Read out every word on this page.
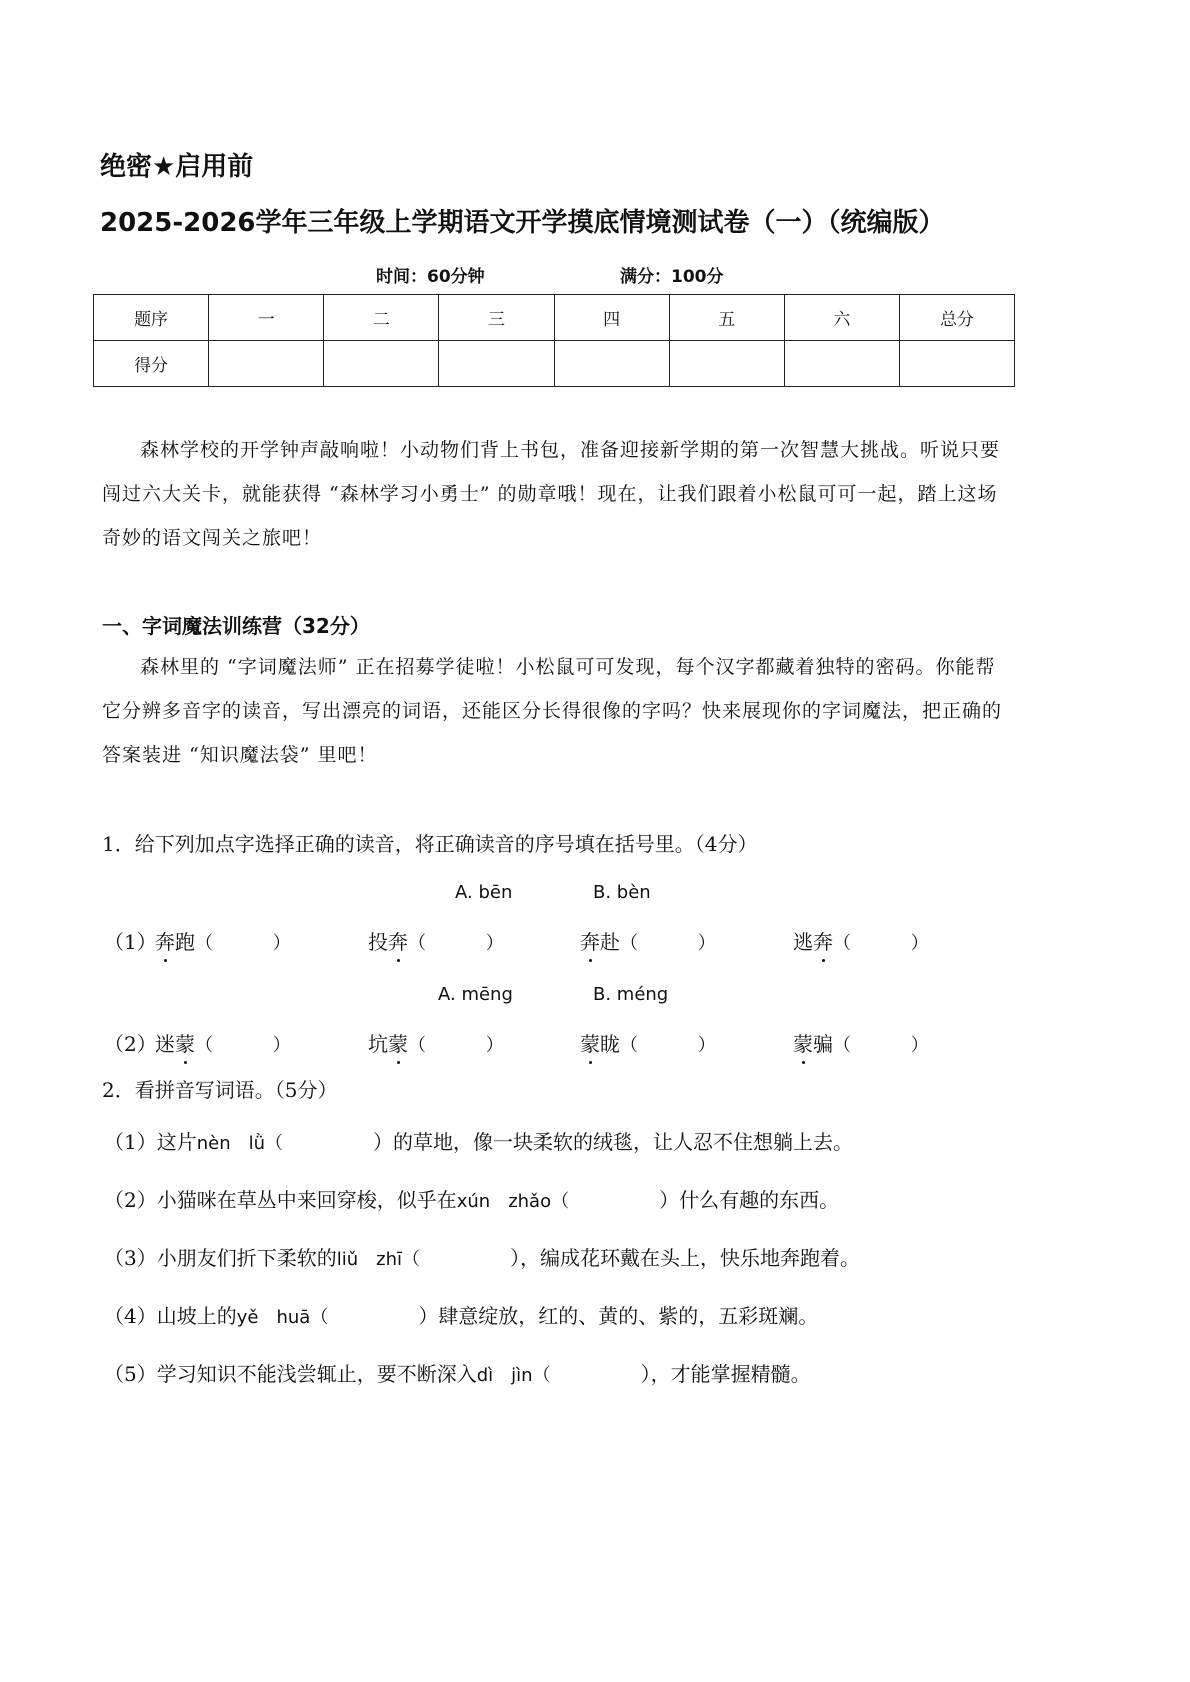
绝密★启用前
2025-2026学年三年级上学期语文开学摸底情境测试卷（一）（统编版）
时间：60分钟	满分：100分
题序	一	二	三	四	五	六	总分
得分							
森林学校的开学钟声敲响啦！小动物们背上书包，准备迎接新学期的第一次智慧大挑战。听说只要闯过六大关卡，就能获得 “森林学习小勇士” 的勋章哦！现在，让我们跟着小松鼠可可一起，踏上这场奇妙的语文闯关之旅吧！
一、字词魔法训练营（32分）
森林里的 “字词魔法师” 正在招募学徒啦！小松鼠可可发现，每个汉字都藏着独特的密码。你能帮它分辨多音字的读音，写出漂亮的词语，还能区分长得很像的字吗？快来展现你的字词魔法，把正确的答案装进 “知识魔法袋” 里吧！
1．给下列加点字选择正确的读音，将正确读音的序号填在括号里。（4分）
A. bēn	B. bèn
（1）
奔跑（　　　 ）	投奔（　　　 ）	奔赴（　　　 ）	逃奔（　　　 ）
A. mēng	B. méng
（2）
迷蒙（　　　 ）	坑蒙（　　　 ）	蒙眬（　　　 ）	蒙骗（　　　 ）
2．看拼音写词语。（5分）
（1）这片nèn　lǜ（　　　　　）的草地，像一块柔软的绒毯，让人忍不住想躺上去。
（2）小猫咪在草丛中来回穿梭，似乎在xún　zhǎo（　　　　　）什么有趣的东西。
（3）小朋友们折下柔软的liǔ　zhī（　　　　　），编成花环戴在头上，快乐地奔跑着。
（4）山坡上的yě　huā（　　　　　）肆意绽放，红的、黄的、紫的，五彩斑斓。
（5）学习知识不能浅尝辄止，要不断深入dì　jìn（　　　　　），才能掌握精髓。
